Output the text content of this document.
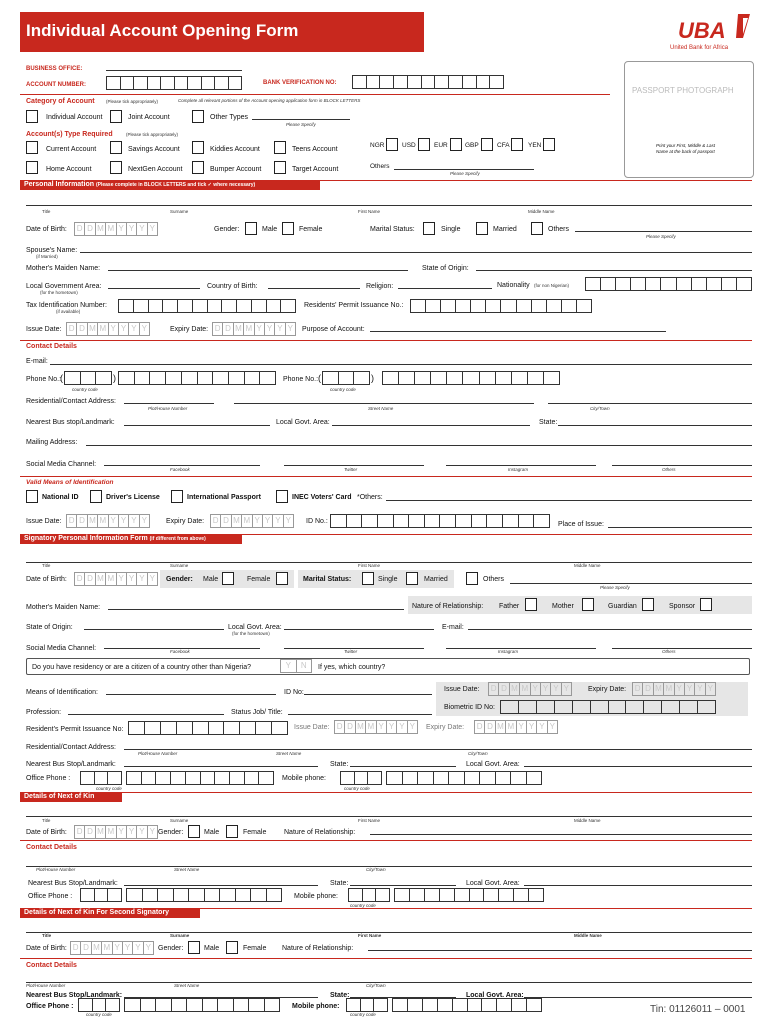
Individual Account Opening Form	UBA
United Bank for Africa
PASSPORT PHOTOGRAPH
Print your First, Middle & Last Name at the back of passport
BUSINESS OFFICE:
ACCOUNT NUMBER:	BANK VERIFICATION NO:
Category of Account	(Please tick appropriately)	Complete all relevant portions of the Account opening application form in BLOCK LETTERS
Individual Account	Joint Account	Other Types
Please Specify
Account(s) Type Required	(Please tick appropriately)
Current Account	Savings Account	Kiddies Account	Teens Account
Home Account	NextGen Account	Bumper Account	Target Account
NGR	USD	EUR	GBP	CFA	YEN
Others
Please Specify
Personal Information (Please complete in BLOCK LETTERS and tick ✓ where necessary)
Title	Surname	First Name	Middle Name
Date of Birth:	D D M M Y Y Y Y	Gender:	Male	Female	Marital Status:	Single	Married	Others
Please Specify
Spouse's Name:
(if Married)
Mother's Maiden Name:	State of Origin:
Local Government Area:
(for the hometown)
Country of Birth:	Religion:	Nationality (for non Nigerian)
Tax Identification Number:
(if available)
Residents' Permit Issuance No.:
Issue Date: D D M M Y Y Y Y	Expiry Date: D D M M Y Y Y Y	Purpose of Account:
Contact Details
E-mail:
Phone No.:
(	)
country code
Phone No.: (	)
country code
Residential/Contact Address:
Plot/House Number	Street Name	City/Town
Nearest Bus stop/Landmark:	Local Govt. Area:	State:
Mailing Address:
Social Media Channel:
Facebook	Twitter	Instagram	Others
Valid Means of Identification
National ID	Driver's License	International Passport	INEC Voters' Card *Others:
Issue Date: D D M M Y Y Y Y	Expiry Date:	D D M M Y Y Y Y	ID No.:	Place of Issue:
Signatory Personal Information Form (if different from above)
Title	Surname	First Name	Middle Name
Date of Birth:	D D M M Y Y Y Y	Gender: Male	Female	Marital Status:	Single	Married	Others
Please Specify
Mother's Maiden Name:	Nature of Relationship: Father	Mother	Guardian	Sponsor
State of Origin:	Local Govt. Area:
(for the hometown)
E-mail:
Social Media Channel:	Facebook	Twitter	Instagram	Others
Do you have residency or are a citizen of a country other than Nigeria?	Y	N	If yes, which country?
Means of Identification:	ID No:	Issue Date:	D D M M Y Y Y Y	Expiry Date:	D D M M Y Y Y Y
Biometric ID No:
Profession:	Status Job/ Title:
Resident's Permit Issuance No:	Issue Date: D D M M Y Y Y Y	Expiry Date:	D D M M Y Y Y Y
Residential/Contact Address:
Plot/House Number	Street Name	City/Town
Nearest Bus Stop/Landmark:	State:	Local Govt. Area:
Office Phone :
country code
Mobile phone:
country code
Details of Next of Kin
Title	Surname	First Name	Middle Name
Date of Birth:	D D M M Y Y Y Y Gender:	Male	Female	Nature of Relationship:
Contact Details
Plot/House Number	Street Name	City/Town
Nearest Bus Stop/Landmark:	State:	Local Govt. Area:
Office Phone :	Mobile phone:
country code
Details of Next of Kin For Second Signatory
Title	Surname	First Name	Middle Name
Date of Birth: D D M M Y Y Y Y	Gender:	Male	Female Nature of Relationship:
Contact Details
Plot/House Number	Street Name	City/Town
Nearest Bus Stop/Landmark:	State:	Local Govt. Area:
Office Phone :
country code
Mobile phone:
country code	Tin: 01126011 – 0001
